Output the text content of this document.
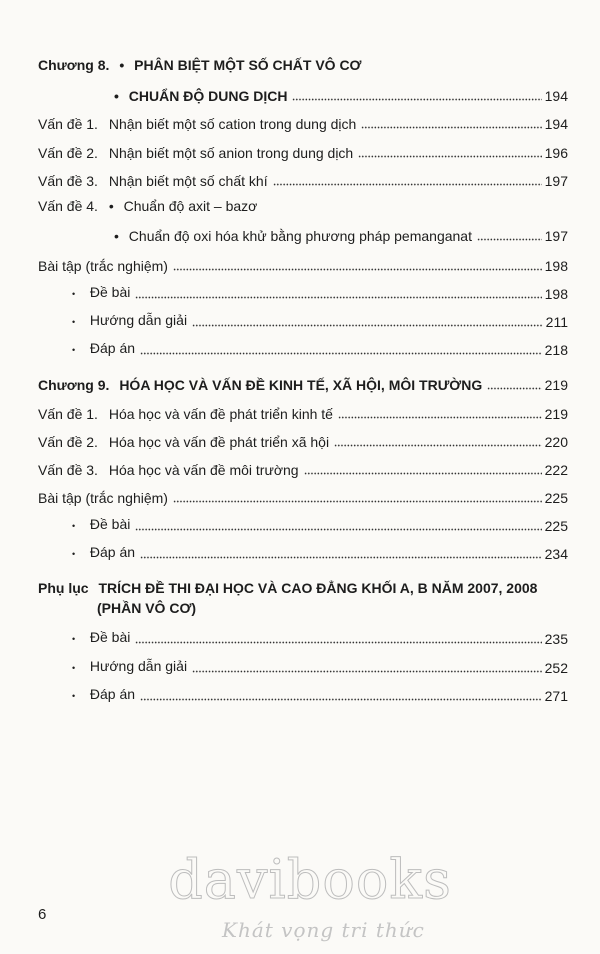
Chương 8. • PHÂN BIỆT MỘT SỐ CHẤT VÔ CƠ
• CHUẨN ĐỘ DUNG DỊCH	194
Vấn đề 1. Nhận biết một số cation trong dung dịch	194
Vấn đề 2. Nhận biết một số anion trong dung dịch	196
Vấn đề 3. Nhận biết một số chất khí	197
Vấn đề 4. • Chuẩn độ axit – bazơ
• Chuẩn độ oxi hóa khử bằng phương pháp pemanganat	197
Bài tập (trắc nghiệm)	198
• Đề bài	198
• Hướng dẫn giải	211
• Đáp án	218
Chương 9. HÓA HỌC VÀ VẤN ĐỀ KINH TẾ, XÃ HỘI, MÔI TRƯỜNG	219
Vấn đề 1. Hóa học và vấn đề phát triển kinh tế	219
Vấn đề 2. Hóa học và vấn đề phát triển xã hội	220
Vấn đề 3. Hóa học và vấn đề môi trường	222
Bài tập (trắc nghiệm)	225
• Đề bài	225
• Đáp án	234
Phụ lục TRÍCH ĐỀ THI ĐẠI HỌC VÀ CAO ĐẲNG KHỐI A, B NĂM 2007, 2008
(PHẦN VÔ CƠ)
• Đề bài	235
• Hướng dẫn giải	252
• Đáp án	271
davibooks
Khát vọng tri thức
6
